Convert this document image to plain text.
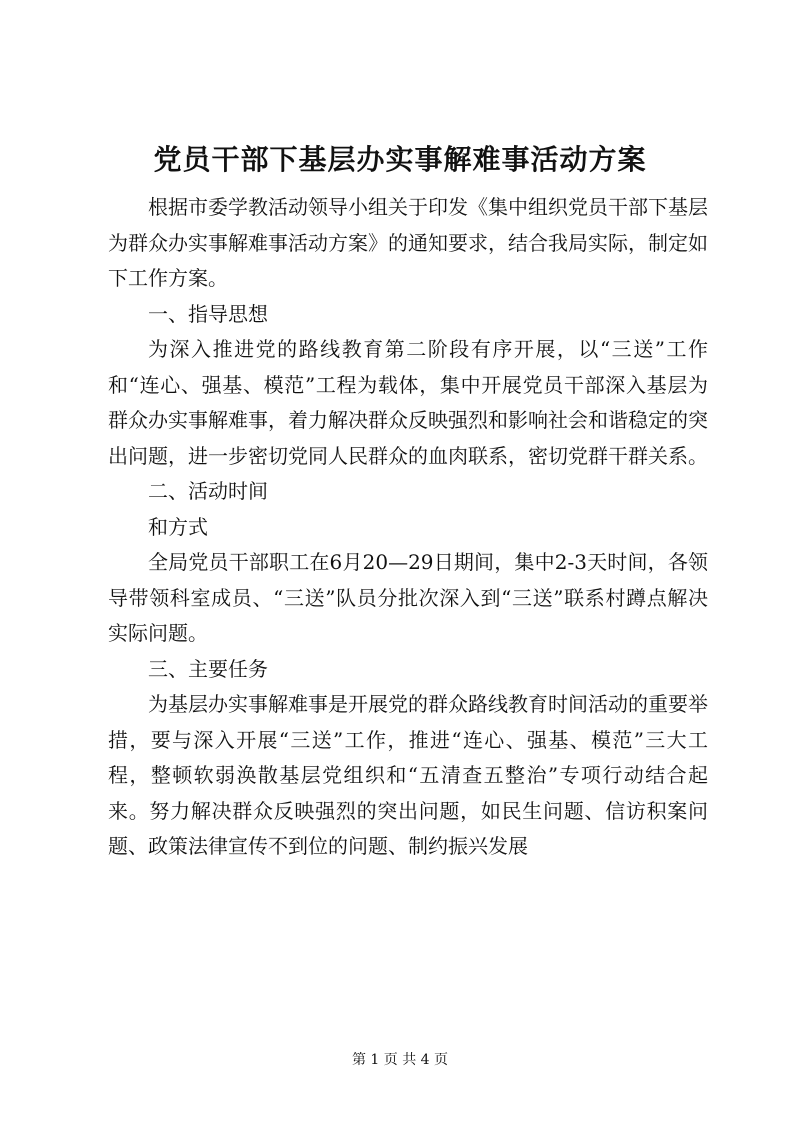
党员干部下基层办实事解难事活动方案

根据市委学教活动领导小组关于印发《集中组织党员干部下基层为群众办实事解难事活动方案》的通知要求，结合我局实际，制定如下工作方案。

一、指导思想

为深入推进党的路线教育第二阶段有序开展，以“三送”工作和“连心、强基、模范”工程为载体，集中开展党员干部深入基层为群众办实事解难事，着力解决群众反映强烈和影响社会和谐稳定的突出问题，进一步密切党同人民群众的血肉联系，密切党群干群关系。

二、活动时间

和方式

全局党员干部职工在6月20—29日期间，集中2-3天时间，各领导带领科室成员、“三送”队员分批次深入到“三送”联系村蹲点解决实际问题。

三、主要任务

为基层办实事解难事是开展党的群众路线教育时间活动的重要举措，要与深入开展“三送”工作，推进“连心、强基、模范”三大工程，整顿软弱涣散基层党组织和“五清查五整治”专项行动结合起来。努力解决群众反映强烈的突出问题，如民生问题、信访积案问题、政策法律宣传不到位的问题、制约振兴发展

第 1 页 共 4 页
